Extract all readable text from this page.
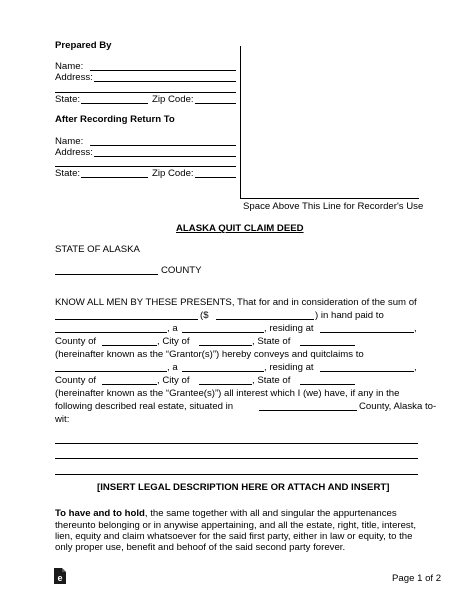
Prepared By
Name:
Address:
State:	Zip Code:
After Recording Return To
Name:
Address:
State:	Zip Code:
Space Above This Line for Recorder's Use
ALASKA QUIT CLAIM DEED
STATE OF ALASKA
COUNTY
KNOW ALL MEN BY THESE PRESENTS, That for and in consideration of the sum of
($	) in hand paid to
, a	, residing at	,
County of	, City of	, State of
(hereinafter known as the “Grantor(s)”) hereby conveys and quitclaims to
, a	, residing at	,
County of	, City of	, State of
(hereinafter known as the “Grantee(s)”) all interest which I (we) have, if any in the
following described real estate, situated in	County, Alaska to-
wit:
[INSERT LEGAL DESCRIPTION HERE OR ATTACH AND INSERT]
To have and to hold, the same together with all and singular the appurtenances
thereunto belonging or in anywise appertaining, and all the estate, right, title, interest,
lien, equity and claim whatsoever for the said first party, either in law or equity, to the
only proper use, benefit and behoof of the said second party forever.
e	Page 1 of 2
